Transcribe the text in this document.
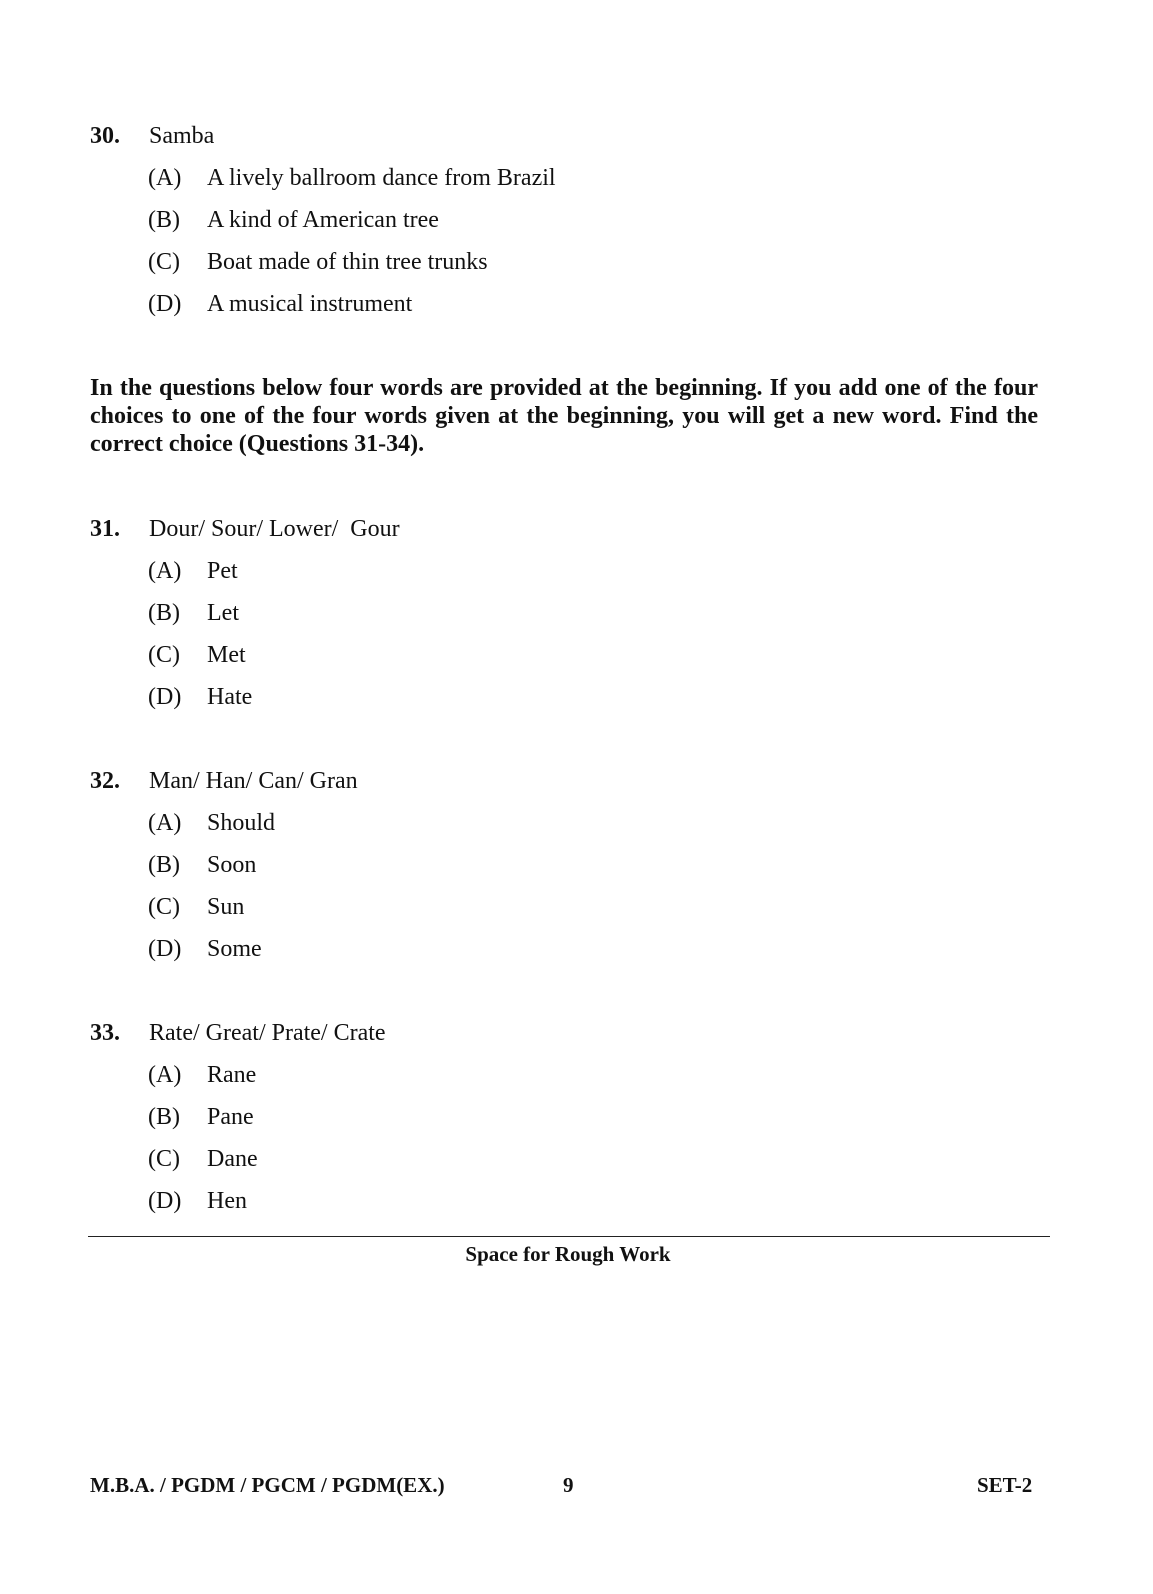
30. Samba
(A) A lively ballroom dance from Brazil
(B) A kind of American tree
(C) Boat made of thin tree trunks
(D) A musical instrument
In the questions below four words are provided at the beginning. If you add one of the four choices to one of the four words given at the beginning, you will get a new word. Find the correct choice (Questions 31-34).
31. Dour/ Sour/ Lower/  Gour
(A) Pet
(B) Let
(C) Met
(D) Hate
32. Man/ Han/ Can/ Gran
(A) Should
(B) Soon
(C) Sun
(D) Some
33. Rate/ Great/ Prate/ Crate
(A) Rane
(B) Pane
(C) Dane
(D) Hen
Space for Rough Work
M.B.A. / PGDM / PGCM / PGDM(EX.)	9	SET-2
